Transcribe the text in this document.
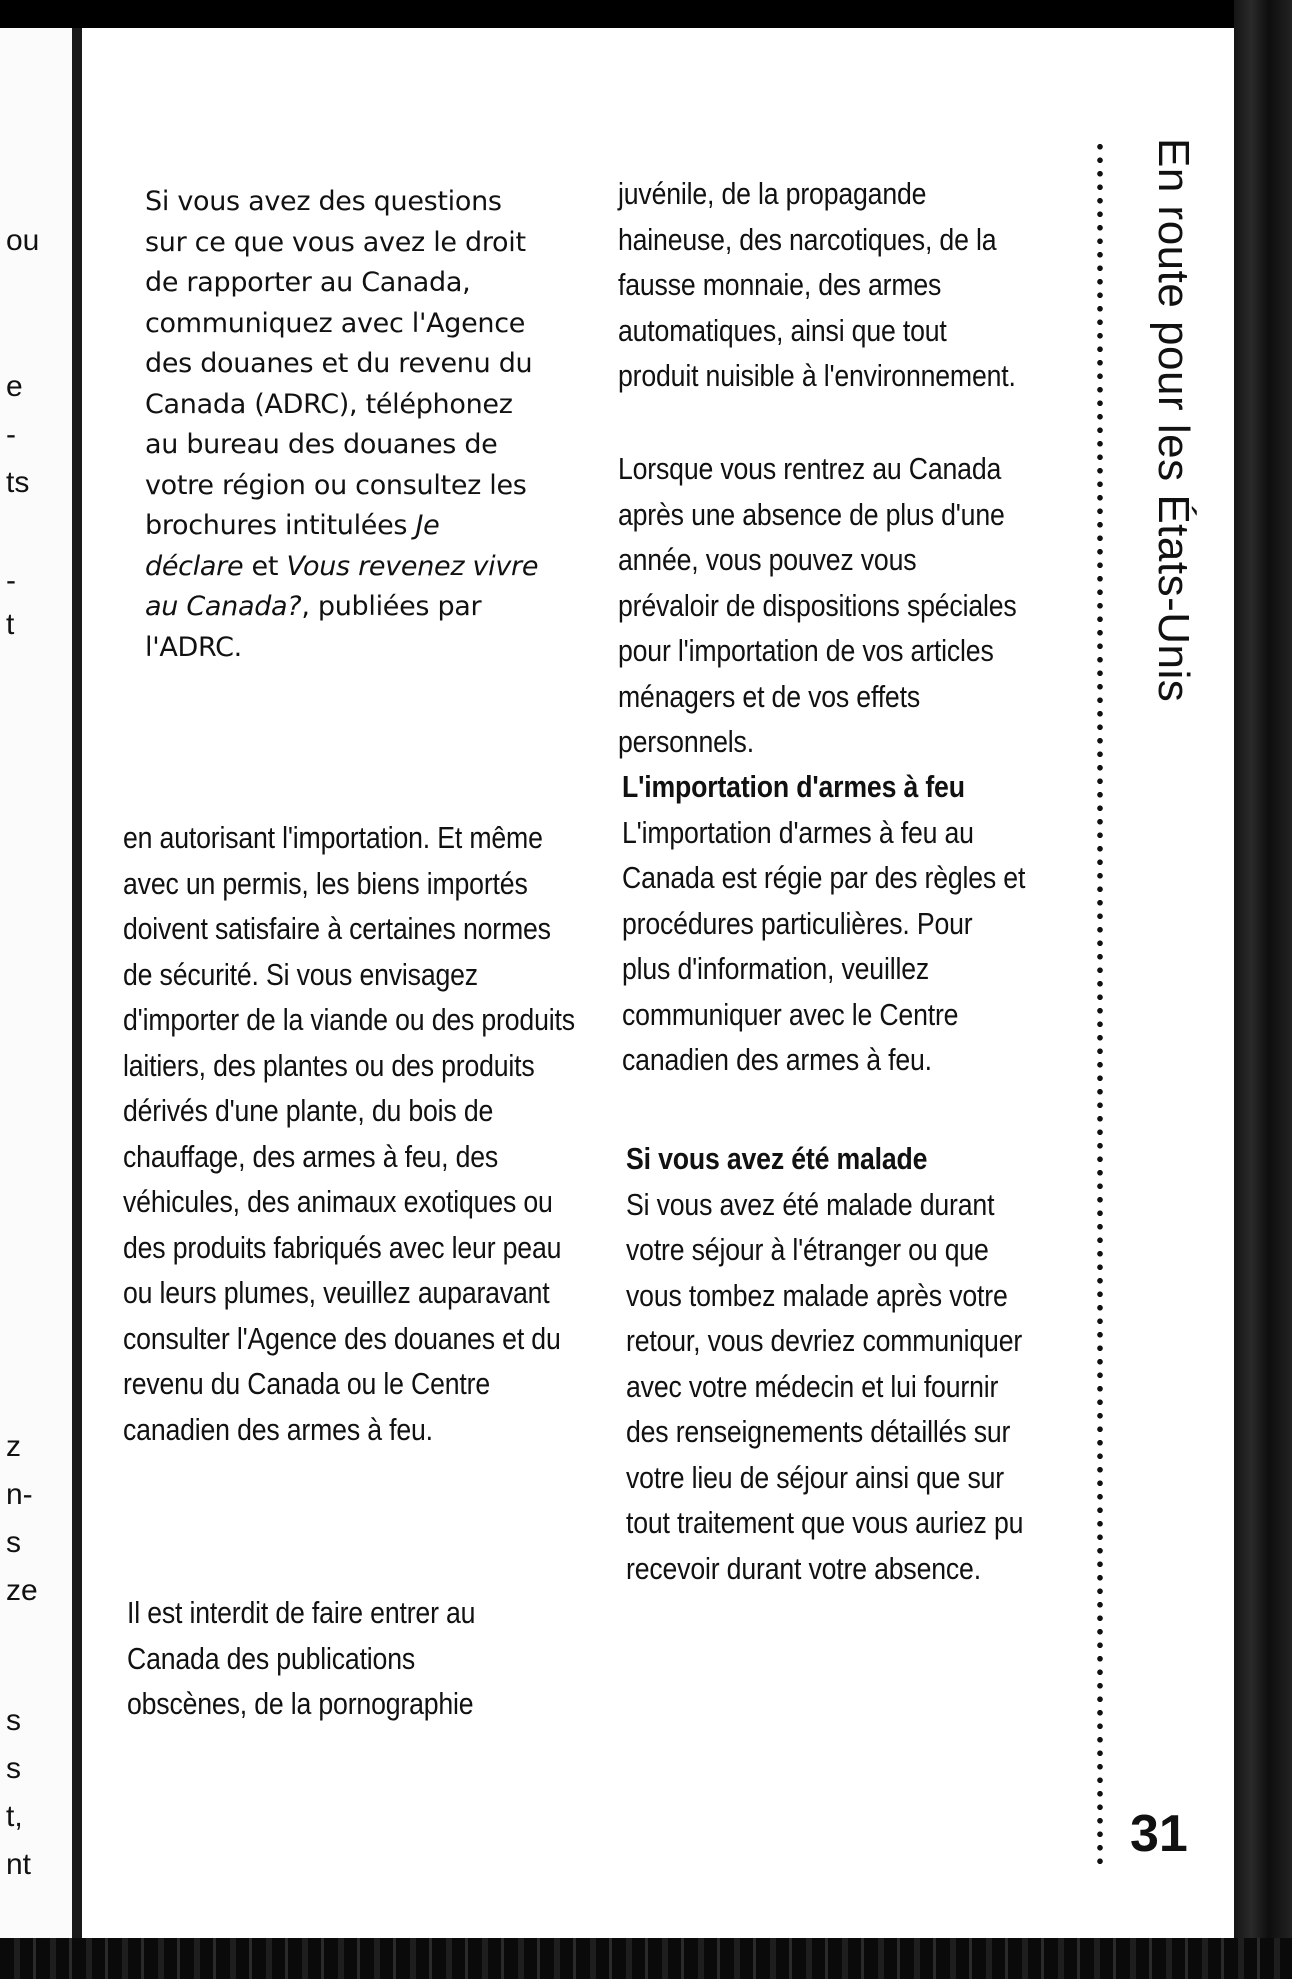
ou
e
-
ts
-
t
z
n-
s
ze
s
s
t,
nt
Si vous avez des questions sur ce que vous avez le droit de rapporter au Canada, communiquez avec l'Agence des douanes et du revenu du Canada (ADRC), téléphonez au bureau des douanes de votre région ou consultez les brochures intitulées Je déclare et Vous revenez vivre au Canada?, publiées par l'ADRC.

en autorisant l'importation. Et même avec un permis, les biens importés doivent satisfaire à certaines normes de sécurité. Si vous envisagez d'importer de la viande ou des produits laitiers, des plantes ou des produits dérivés d'une plante, du bois de chauffage, des armes à feu, des véhicules, des animaux exotiques ou des produits fabriqués avec leur peau ou leurs plumes, veuillez auparavant consulter l'Agence des douanes et du revenu du Canada ou le Centre canadien des armes à feu.

Il est interdit de faire entrer au Canada des publications obscènes, de la pornographie

juvénile, de la propagande haineuse, des narcotiques, de la fausse monnaie, des armes automatiques, ainsi que tout produit nuisible à l'environnement.

Lorsque vous rentrez au Canada après une absence de plus d'une année, vous pouvez vous prévaloir de dispositions spéciales pour l'importation de vos articles ménagers et de vos effets personnels.

L'importation d'armes à feu

L'importation d'armes à feu au Canada est régie par des règles et procédures particulières. Pour plus d'information, veuillez communiquer avec le Centre canadien des armes à feu.

Si vous avez été malade

Si vous avez été malade durant votre séjour à l'étranger ou que vous tombez malade après votre retour, vous devriez communiquer avec votre médecin et lui fournir des renseignements détaillés sur votre lieu de séjour ainsi que sur tout traitement que vous auriez pu recevoir durant votre absence.

En route pour les États-Unis
31
